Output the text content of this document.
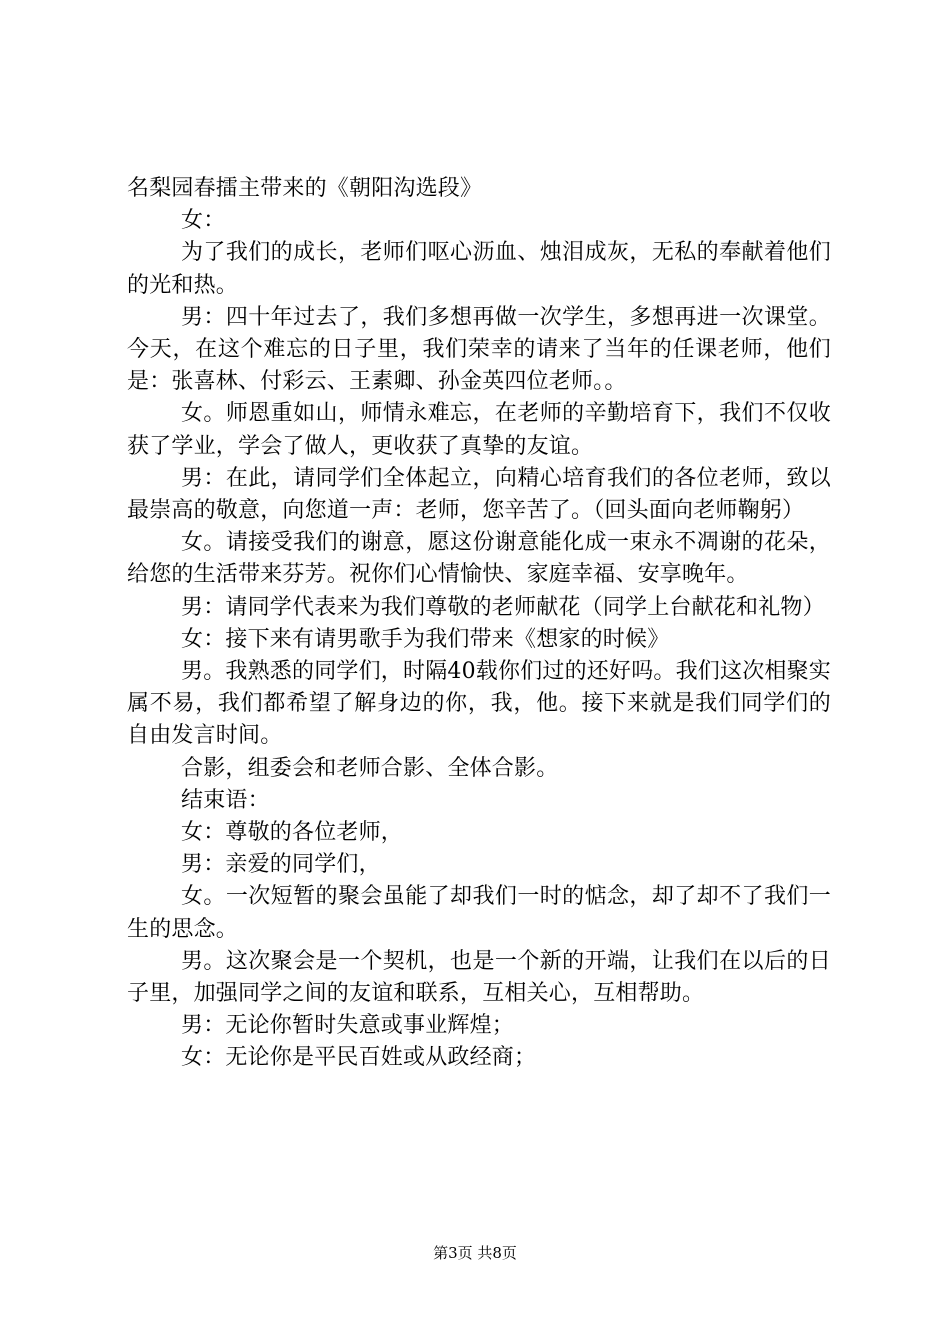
名梨园春擂主带来的《朝阳沟选段》

女：

为了我们的成长，老师们呕心沥血、烛泪成灰，无私的奉献着他们的光和热。

男：四十年过去了，我们多想再做一次学生，多想再进一次课堂。今天，在这个难忘的日子里，我们荣幸的请来了当年的任课老师，他们是：张喜林、付彩云、王素卿、孙金英四位老师。。

女。师恩重如山，师情永难忘，在老师的辛勤培育下，我们不仅收获了学业，学会了做人，更收获了真挚的友谊。

男：在此，请同学们全体起立，向精心培育我们的各位老师，致以最崇高的敬意，向您道一声：老师，您辛苦了。（回头面向老师鞠躬）

女。请接受我们的谢意，愿这份谢意能化成一束永不凋谢的花朵，给您的生活带来芬芳。祝你们心情愉快、家庭幸福、安享晚年。

男：请同学代表来为我们尊敬的老师献花（同学上台献花和礼物）

女：接下来有请男歌手为我们带来《想家的时候》

男。我熟悉的同学们，时隔40载你们过的还好吗。我们这次相聚实属不易，我们都希望了解身边的你，我，他。接下来就是我们同学们的自由发言时间。

合影，组委会和老师合影、全体合影。

结束语：

女：尊敬的各位老师，

男：亲爱的同学们，

女。一次短暂的聚会虽能了却我们一时的惦念，却了却不了我们一生的思念。

男。这次聚会是一个契机，也是一个新的开端，让我们在以后的日子里，加强同学之间的友谊和联系，互相关心，互相帮助。

男：无论你暂时失意或事业辉煌；

女：无论你是平民百姓或从政经商；

第3页 共8页
